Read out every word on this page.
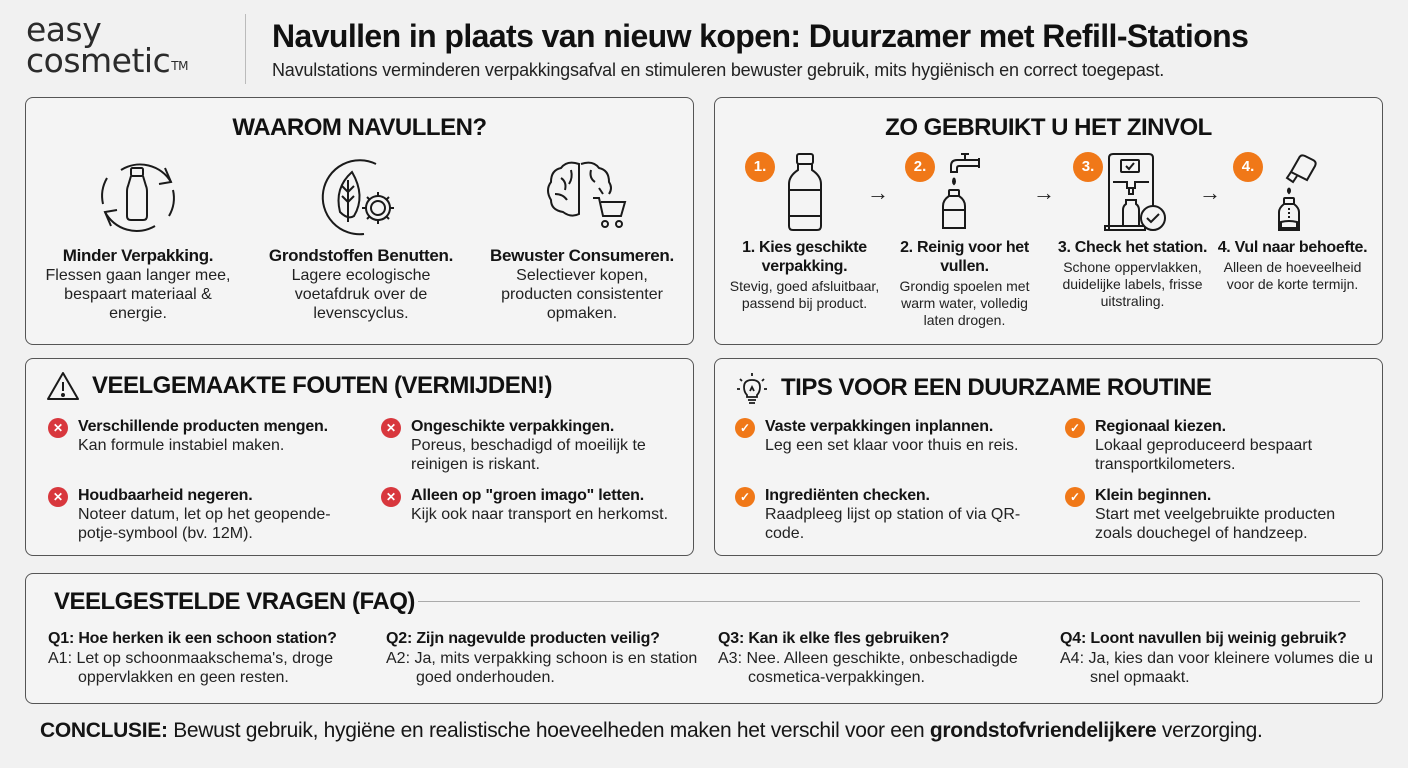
easy
cosmetic™
Navullen in plaats van nieuw kopen: Duurzamer met Refill-Stations
Navulstations verminderen verpakkingsafval en stimuleren bewuster gebruik, mits hygiënisch en correct toegepast.
WAAROM NAVULLEN?
Minder Verpakking.
Flessen gaan langer mee, bespaart materiaal & energie.
Grondstoffen Benutten.
Lagere ecologische voetafdruk over de levenscyclus.
Bewuster Consumeren.
Selectiever kopen, producten consistenter opmaken.
ZO GEBRUIKT U HET ZINVOL
1.
1. Kies geschikte verpakking.
Stevig, goed afsluitbaar, passend bij product.
→
2.
2. Reinig voor het vullen.
Grondig spoelen met warm water, volledig laten drogen.
→
3.
3. Check het station.
Schone oppervlakken, duidelijke labels, frisse uitstraling.
→
4.
4. Vul naar behoefte.
Alleen de hoeveelheid voor de korte termijn.
VEELGEMAAKTE FOUTEN (VERMIJDEN!)
✕ Verschillende producten mengen.
Kan formule instabiel maken.
✕ Ongeschikte verpakkingen.
Poreus, beschadigd of moeilijk te reinigen is riskant.
✕ Houdbaarheid negeren.
Noteer datum, let op het geopende-potje-symbool (bv. 12M).
✕ Alleen op "groen imago" letten.
Kijk ook naar transport en herkomst.
TIPS VOOR EEN DUURZAME ROUTINE
✓ Vaste verpakkingen inplannen.
Leg een set klaar voor thuis en reis.
✓ Regionaal kiezen.
Lokaal geproduceerd bespaart transportkilometers.
✓ Ingrediënten checken.
Raadpleeg lijst op station of via QR-code.
✓ Klein beginnen.
Start met veelgebruikte producten zoals douchegel of handzeep.
VEELGESTELDE VRAGEN (FAQ)
Q1: Hoe herken ik een schoon station?
A1: Let op schoonmaakschema's, droge oppervlakken en geen resten.
Q2: Zijn nagevulde producten veilig?
A2: Ja, mits verpakking schoon is en station goed onderhouden.
Q3: Kan ik elke fles gebruiken?
A3: Nee. Alleen geschikte, onbeschadigde cosmetica-verpakkingen.
Q4: Loont navullen bij weinig gebruik?
A4: Ja, kies dan voor kleinere volumes die u snel opmaakt.
CONCLUSIE: Bewust gebruik, hygiëne en realistische hoeveelheden maken het verschil voor een grondstofvriendelijkere verzorging.
